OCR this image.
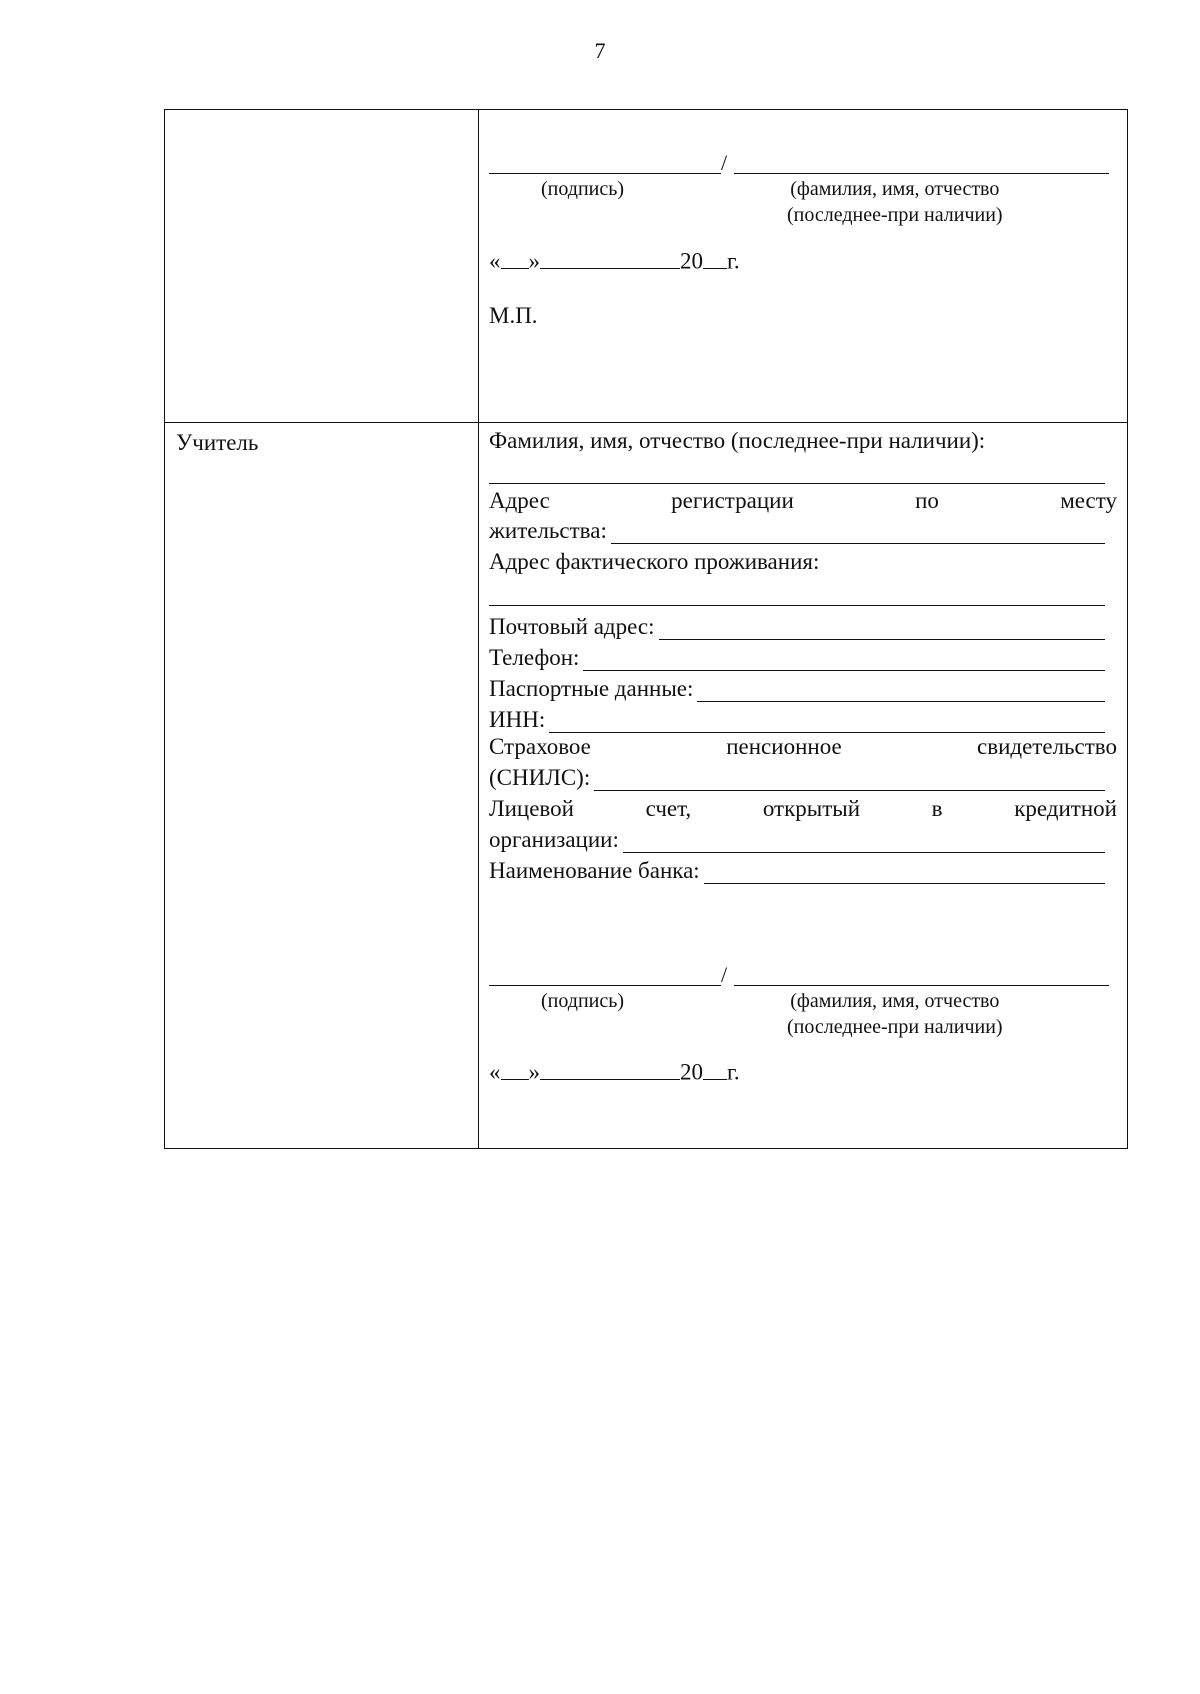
7
/
(подпись)	(фамилия, имя, отчество
(последнее-при наличии)
« »	20 г.
М.П.
Учитель	Фамилия, имя, отчество (последнее-при наличии):
Адрес	регистрации	по	месту
жительства:
Адрес фактического проживания:
Почтовый адрес:
Телефон:
Паспортные данные:
ИНН:
Страховое	пенсионное	свидетельство
(СНИЛС):
Лицевой	счет,	открытый	в	кредитной
организации:
Наименование банка:
/
(подпись)	(фамилия, имя, отчество
(последнее-при наличии)
« »	20 г.
